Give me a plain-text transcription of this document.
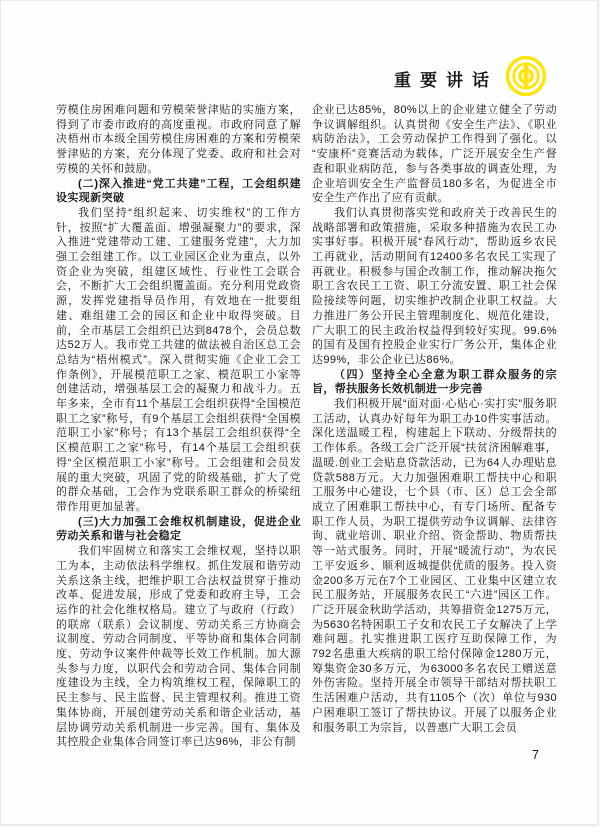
重要讲话

劳模住房困难问题和劳模荣誉津贴的实施方案，得到了市委市政府的高度重视。市政府同意了解决梧州市本级全国劳模住房困难的方案和劳模荣誉津贴的方案，充分体现了党委、政府和社会对劳模的关怀和鼓励。

(二)深入推进“党工共建”工程，工会组织建设实现新突破

我们坚持“组织起来、切实维权”的工作方针，按照“扩大覆盖面、增强凝聚力”的要求，深入推进“党建带动工建、工建服务党建”，大力加强工会组建工作。以工业园区企业为重点，以外资企业为突破，组建区域性、行业性工会联合会，不断扩大工会组织覆盖面。充分利用党政资源，发挥党建指导员作用，有效地在一批要组建、难组建工会的园区和企业中取得突破。目前，全市基层工会组织已达到8478个，会员总数达52万人。我市党工共建的做法被自治区总工会总结为“梧州模式”。深入贯彻实施《企业工会工作条例》，开展模范职工之家、模范职工小家等创建活动，增强基层工会的凝聚力和战斗力。五年多来，全市有11个基层工会组织获得“全国模范职工之家”称号，有9个基层工会组织获得“全国模范职工小家”称号；有13个基层工会组织获得“全区模范职工之家”称号，有14个基层工会组织获得“全区模范职工小家”称号。工会组建和会员发展的重大突破，巩固了党的阶级基础，扩大了党的群众基础，工会作为党联系职工群众的桥梁纽带作用更加显著。

(三)大力加强工会维权机制建设，促进企业劳动关系和谐与社会稳定

我们牢固树立和落实工会维权观，坚持以职工为本，主动依法科学维权。抓住发展和谐劳动关系这条主线，把维护职工合法权益贯穿于推动改革、促进发展，形成了党委和政府主导，工会运作的社会化维权格局。建立了与政府（行政）的联席（联系）会议制度、劳动关系三方协商会议制度、劳动合同制度、平等协商和集体合同制度、劳动争议案件仲裁等长效工作机制。加大源头参与力度，以职代会和劳动合同、集体合同制度建设为主线，全力构筑维权工程，保障职工的民主参与、民主监督、民主管理权利。推进工资集体协商，开展创建劳动关系和谐企业活动，基层协调劳动关系机制进一步完善。国有、集体及其控股企业集体合同签订率已达96%，非公有制

企业已达85%，80%以上的企业建立健全了劳动争议调解组织。认真贯彻《安全生产法》、《职业病防治法》，工会劳动保护工作得到了强化。以“安康杯”竞赛活动为载体，广泛开展安全生产督查和职业病防范，参与各类事故的调查处理，为企业培训安全生产监督员180多名，为促进全市安全生产作出了应有贡献。

我们认真贯彻落实党和政府关于改善民生的战略部署和政策措施，采取多种措施为农民工办实事好事。积极开展“春风行动”，帮助返乡农民工再就业，活动期间有12400多名农民工实现了再就业。积极参与国企改制工作，推动解决拖欠职工含农民工工资、职工分流安置、职工社会保险接续等问题，切实维护改制企业职工权益。大力推进厂务公开民主管理制度化、规范化建设，广大职工的民主政治权益得到较好实现。99.6%的国有及国有控股企业实行厂务公开，集体企业达99%，非公企业已达86%。

（四）坚持全心全意为职工群众服务的宗旨，帮扶服务长效机制进一步完善

我们积极开展“面对面·心贴心·实打实”服务职工活动，认真办好每年为职工办10件实事活动。深化送温暖工程，构建起上下联动、分级帮扶的工作体系。各级工会广泛开展“扶贫济困解难事，温暖.创业工会贴息贷款活动，已为64人办理贴息贷款588万元。大力加强困难职工帮扶中心和职工服务中心建设，七个县（市、区）总工会全部成立了困难职工帮扶中心，有专门场所、配备专职工作人员，为职工提供劳动争议调解、法律咨询、就业培训、职业介绍、资金帮助、物质帮扶等一站式服务。同时，开展“暖流行动”，为农民工平安返乡、顺利返城提供优质的服务。投入资金200多万元在7个工业园区、工业集中区建立农民工服务站，开展服务农民工“六进”园区工作。广泛开展金秋助学活动，共筹措资金1275万元，为5630名特困职工子女和农民工子女解决了上学难问题。扎实推进职工医疗互助保障工作，为792名患重大疾病的职工给付保障金1280万元，筹集资金30多万元，为63000多名农民工赠送意外伤害险。坚持开展全市领导干部结对帮扶职工生活困难户活动，共有1105个（次）单位与930户困难职工签订了帮扶协议。开展了以服务企业和服务职工为宗旨，以普惠广大职工会员

7
